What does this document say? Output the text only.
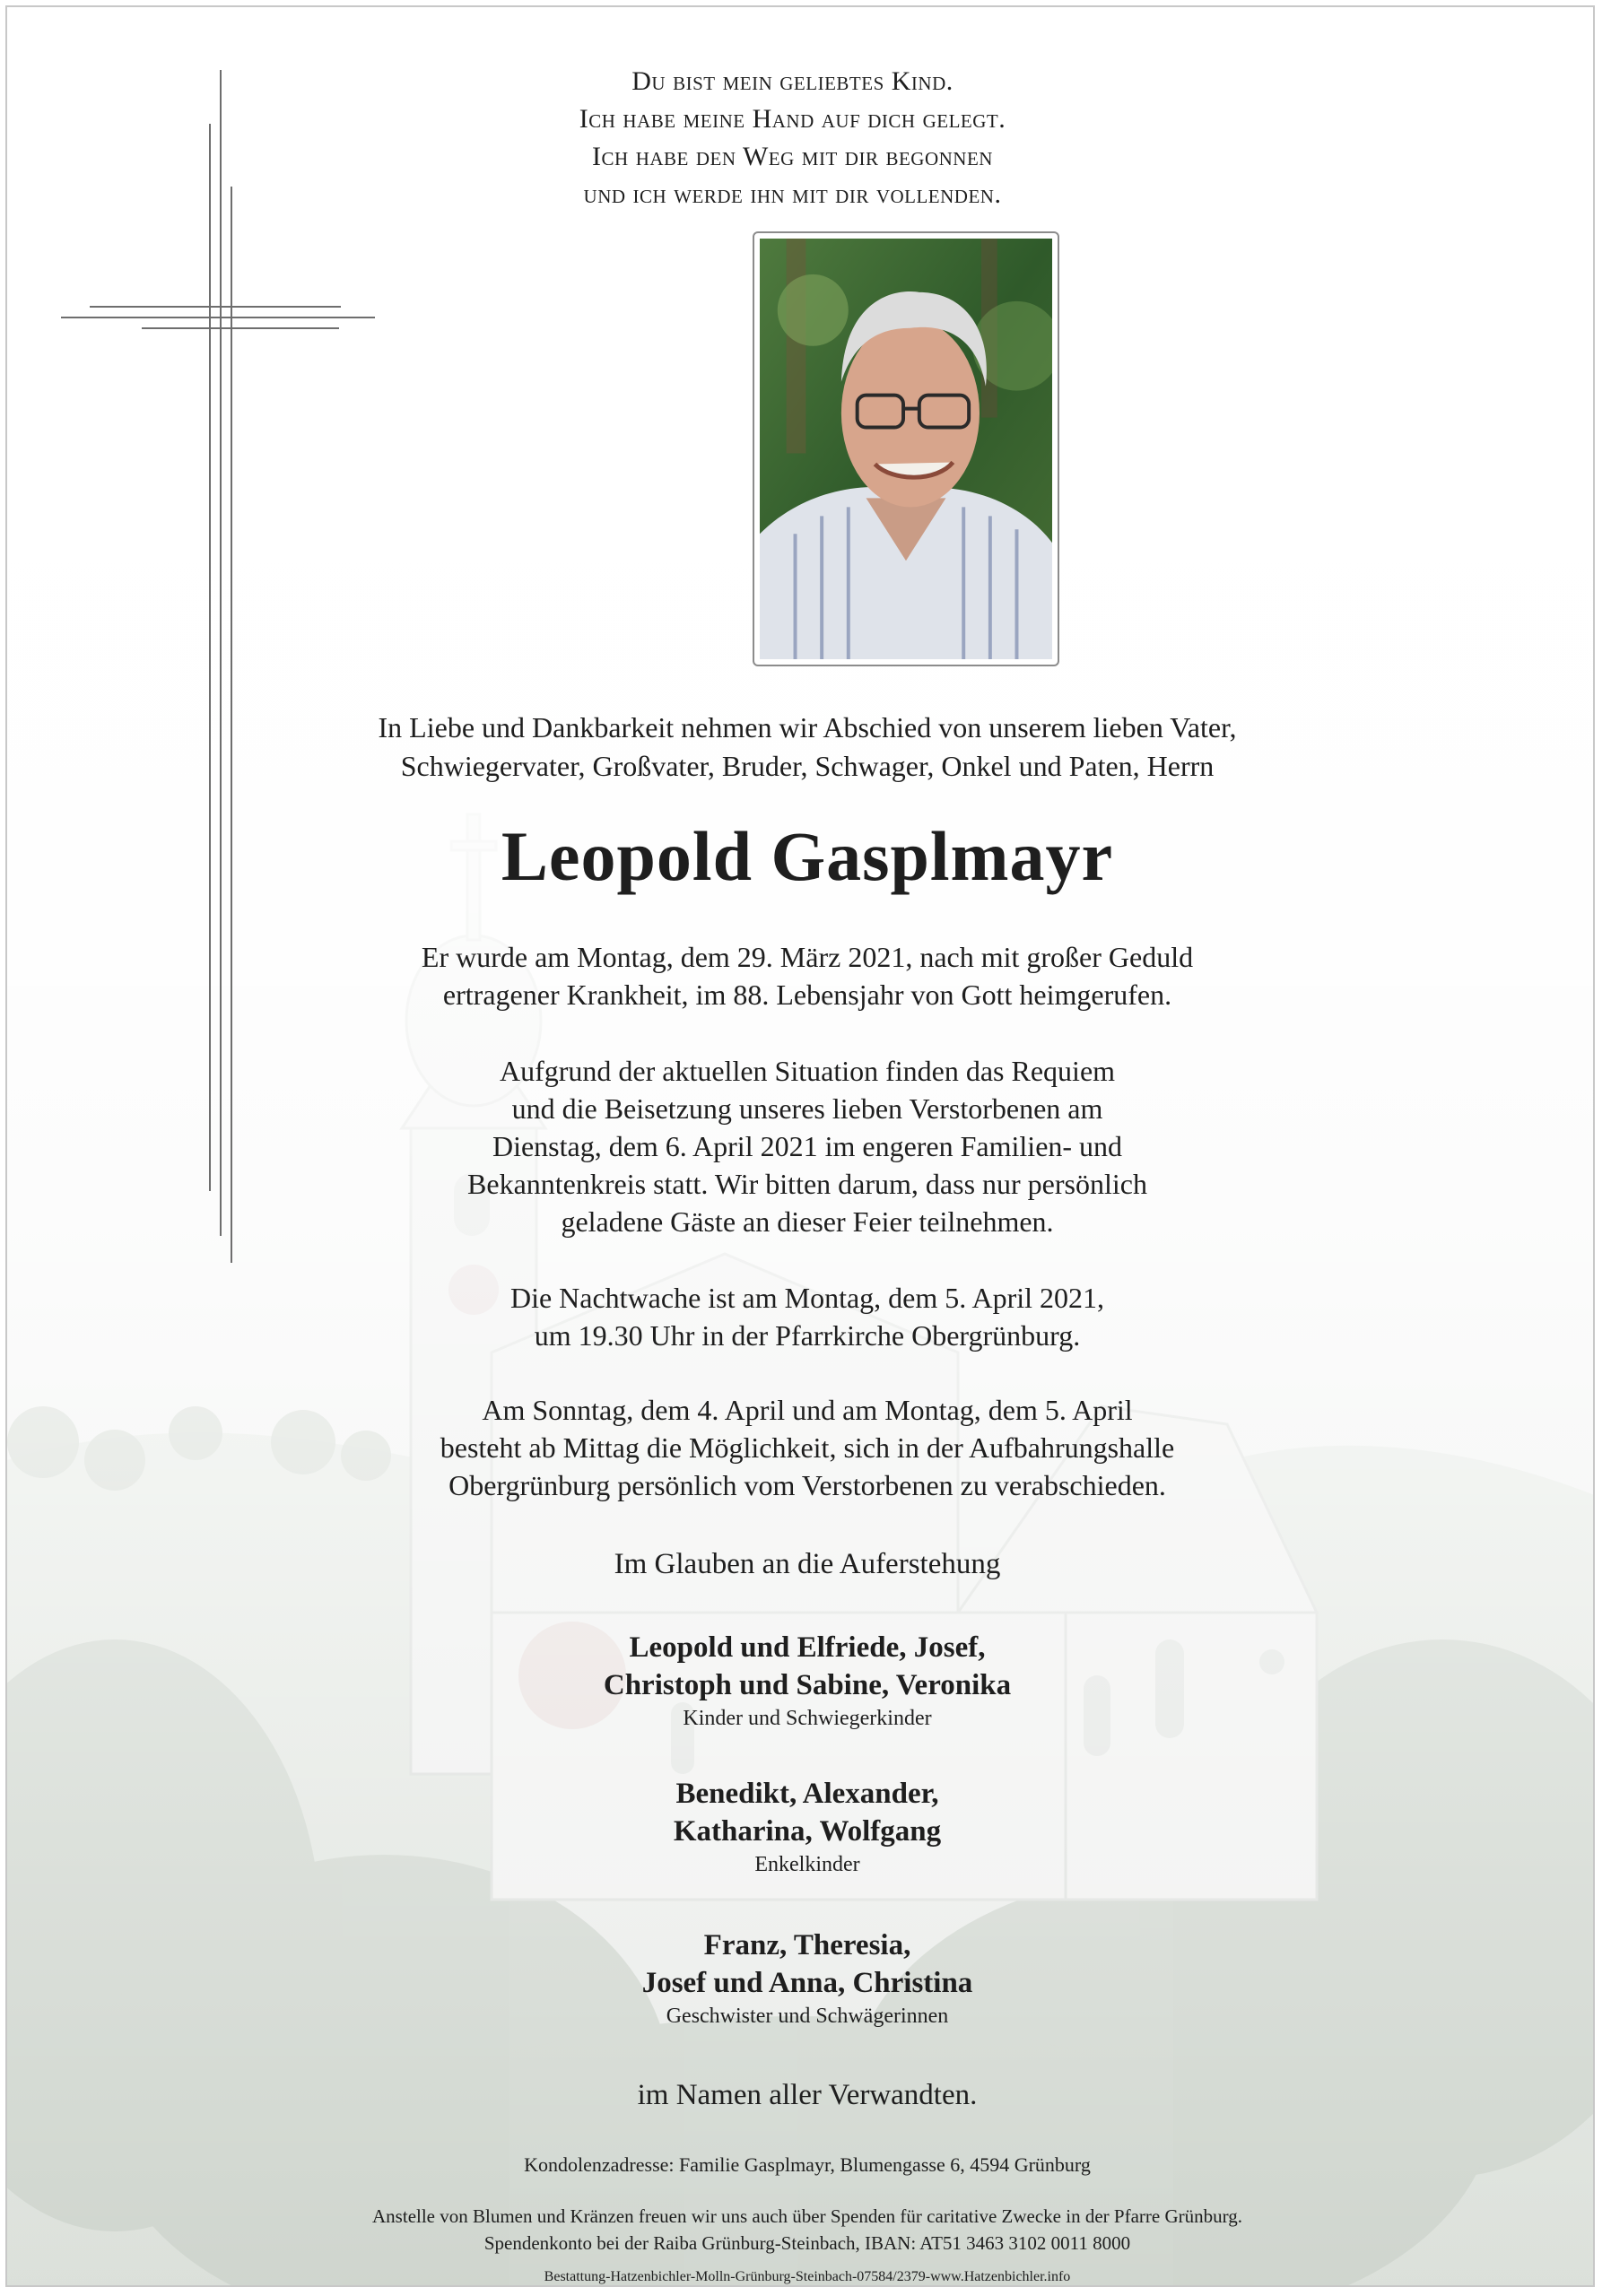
Du bist mein geliebtes Kind.
Ich habe meine Hand auf dich gelegt.
Ich habe den Weg mit dir begonnen
und ich werde ihn mit dir vollenden.
In Liebe und Dankbarkeit nehmen wir Abschied von unserem lieben Vater,
Schwiegervater, Großvater, Bruder, Schwager, Onkel und Paten, Herrn
Leopold Gasplmayr
Er wurde am Montag, dem 29. März 2021, nach mit großer Geduld
ertragener Krankheit, im 88. Lebensjahr von Gott heimgerufen.
Aufgrund der aktuellen Situation finden das Requiem
und die Beisetzung unseres lieben Verstorbenen am
Dienstag, dem 6. April 2021 im engeren Familien- und
Bekanntenkreis statt. Wir bitten darum, dass nur persönlich
geladene Gäste an dieser Feier teilnehmen.
Die Nachtwache ist am Montag, dem 5. April 2021,
um 19.30 Uhr in der Pfarrkirche Obergrünburg.
Am Sonntag, dem 4. April und am Montag, dem 5. April
besteht ab Mittag die Möglichkeit, sich in der Aufbahrungshalle
Obergrünburg persönlich vom Verstorbenen zu verabschieden.
Im Glauben an die Auferstehung
Leopold und Elfriede, Josef,
Christoph und Sabine, Veronika
Kinder und Schwiegerkinder
Benedikt, Alexander,
Katharina, Wolfgang
Enkelkinder
Franz, Theresia,
Josef und Anna, Christina
Geschwister und Schwägerinnen
im Namen aller Verwandten.
Kondolenzadresse: Familie Gasplmayr, Blumengasse 6, 4594 Grünburg
Anstelle von Blumen und Kränzen freuen wir uns auch über Spenden für caritative Zwecke in der Pfarre Grünburg.
Spendenkonto bei der Raiba Grünburg-Steinbach, IBAN: AT51 3463 3102 0011 8000
Bestattung-Hatzenbichler-Molln-Grünburg-Steinbach-07584/2379-www.Hatzenbichler.info
